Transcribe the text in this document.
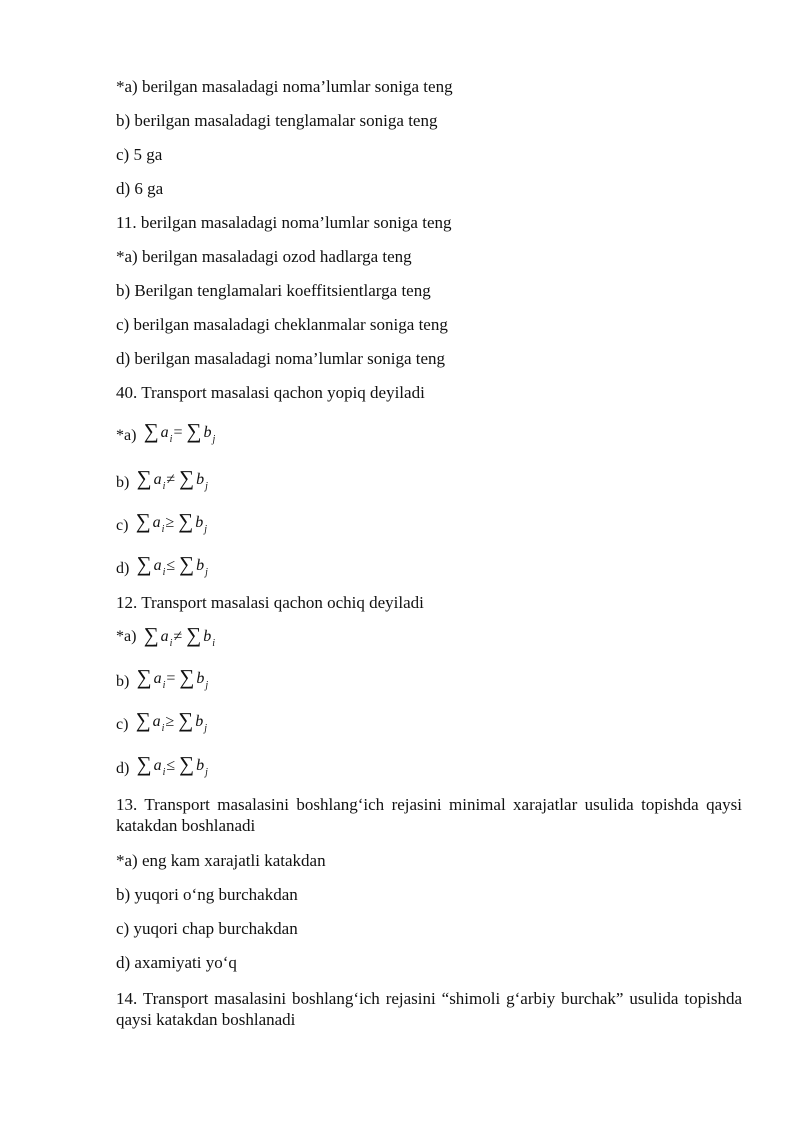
*a) berilgan masaladagi noma’lumlar soniga teng
b) berilgan masaladagi tenglamalar soniga teng
c) 5 ga
d) 6 ga
11. berilgan masaladagi noma’lumlar soniga teng
*a) berilgan masaladagi ozod hadlarga teng
b) Berilgan tenglamalari koeffitsientlarga teng
c) berilgan masaladagi cheklanmalar soniga teng
d) berilgan masaladagi noma’lumlar soniga teng
40. Transport masalasi qachon yopiq deyiladi
*a) ∑ $a_i=$ ∑ $b_j$
b) ∑ $a_i\ne$ ∑ $b_j$
c) ∑ $a_i\ge$ ∑ $b_j$
d) ∑ $a_i\le$ ∑ $b_j$
12. Transport masalasi qachon ochiq deyiladi
*a) ∑ $a_i\ne$ ∑ $b_i$
b) ∑ $a_i=$ ∑ $b_j$
c) ∑ $a_i\ge$ ∑ $b_j$
d) ∑ $a_i\le$ ∑ $b_j$
13. Transport masalasini boshlang‘ich rejasini minimal xarajatlar usulida topishda qaysi katakdan boshlanadi
*a) eng kam xarajatli katakdan
b) yuqori o‘ng burchakdan
c) yuqori chap burchakdan
d) axamiyati yo‘q
14. Transport masalasini boshlang‘ich rejasini “shimoli g‘arbiy burchak” usulida topishda qaysi katakdan boshlanadi
